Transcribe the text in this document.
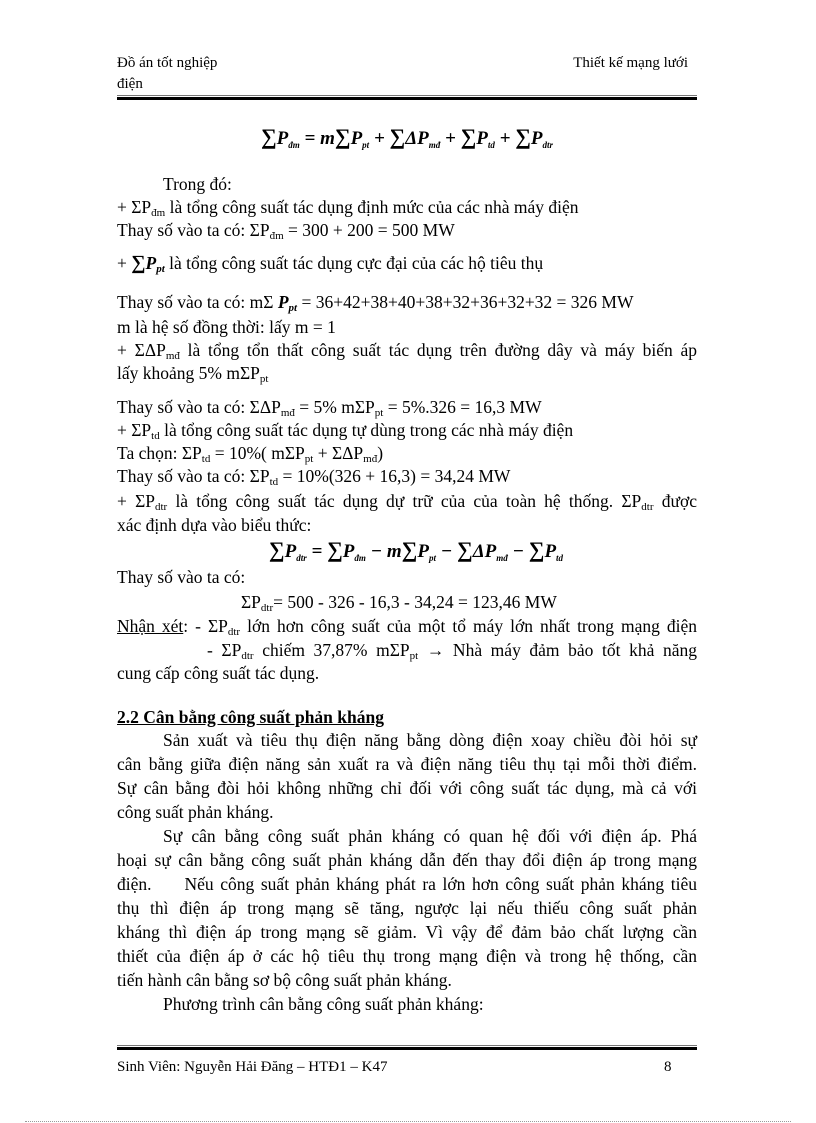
Đồ án tốt nghiệp
điện
Thiết kế mạng lưới
$\sum P_{đm} = m\sum P_{pt} + \sum\Delta P_{mđ} + \sum P_{td} + \sum P_{dtr}$
Trong đó:
+ $\Sigma P_{đm}$ là tổng công suất tác dụng định mức của các nhà máy điện
Thay số vào ta có: $\Sigma P_{đm} = 300 + 200 = 500$ MW
+ $\sum P_{pt}$ là tổng công suất tác dụng cực đại của các hộ tiêu thụ
Thay số vào ta có: mΣ $P_{pt} = 36+42+38+40+38+32+36+32+32 = 326$ MW
m là hệ số đồng thời: lấy m = 1
+ $\Sigma\Delta P_{mđ}$ là tổng tổn thất công suất tác dụng trên đường dây và máy biến áp
lấy khoảng 5% mΣP$_{pt}$
Thay số vào ta có: $\Sigma\Delta P_{mđ} = 5\%$ mΣP$_{pt}$ = 5%.326 = 16,3 MW
+ $\Sigma P_{td}$ là tổng công suất tác dụng tự dùng trong các nhà máy điện
Ta chọn: $\Sigma P_{td} = 10\%$( $m\Sigma P_{pt} + \Sigma\Delta P_{mđ}$)
Thay số vào ta có: $\Sigma P_{td} = 10\%(326 + 16,3) = 34,24$ MW
+ $\Sigma P_{dtr}$ là tổng công suất tác dụng dự trữ của của toàn hệ thống. $\Sigma P_{dtr}$ được
xác định dựa vào biểu thức:
$\sum P_{dtr} = \sum P_{đm} - m\sum P_{pt} - \sum\Delta P_{mđ} - \sum P_{td}$
Thay số vào ta có:
$\Sigma P_{dtr}= 500 - 326 - 16,3 - 34,24 = 123,46$ MW
Nhận xét: - $\Sigma P_{dtr}$ lớn hơn công suất của một tổ máy lớn nhất trong mạng điện
- $\Sigma P_{dtr}$ chiếm 37,87% mΣP$_{pt}$ → Nhà máy đảm bảo tốt khả năng
cung cấp công suất tác dụng.
2.2 Cân bằng công suất phản kháng
Sản xuất và tiêu thụ điện năng bằng dòng điện xoay chiều đòi hỏi sự
cân bằng giữa điện năng sản xuất ra và điện năng tiêu thụ tại mỗi thời điểm.
Sự cân bằng đòi hỏi không những chỉ đối với công suất tác dụng, mà cả với
công suất phản kháng.
Sự cân bằng công suất phản kháng có quan hệ đối với điện áp. Phá
hoại sự cân bằng công suất phản kháng dẫn đến thay đổi điện áp trong mạng
điện.     Nếu công suất phản kháng phát ra lớn hơn công suất phản kháng tiêu
thụ thì điện áp trong mạng sẽ tăng, ngược lại nếu thiếu công suất phản
kháng thì điện áp trong mạng sẽ giảm. Vì vậy để đảm bảo chất lượng cần
thiết của điện áp ở các hộ tiêu thụ trong mạng điện và trong hệ thống, cần
tiến hành cân bằng sơ bộ công suất phản kháng.
Phương trình cân bằng công suất phản kháng:
Sinh Viên: Nguyễn Hải Đăng – HTĐ1 – K47	8
